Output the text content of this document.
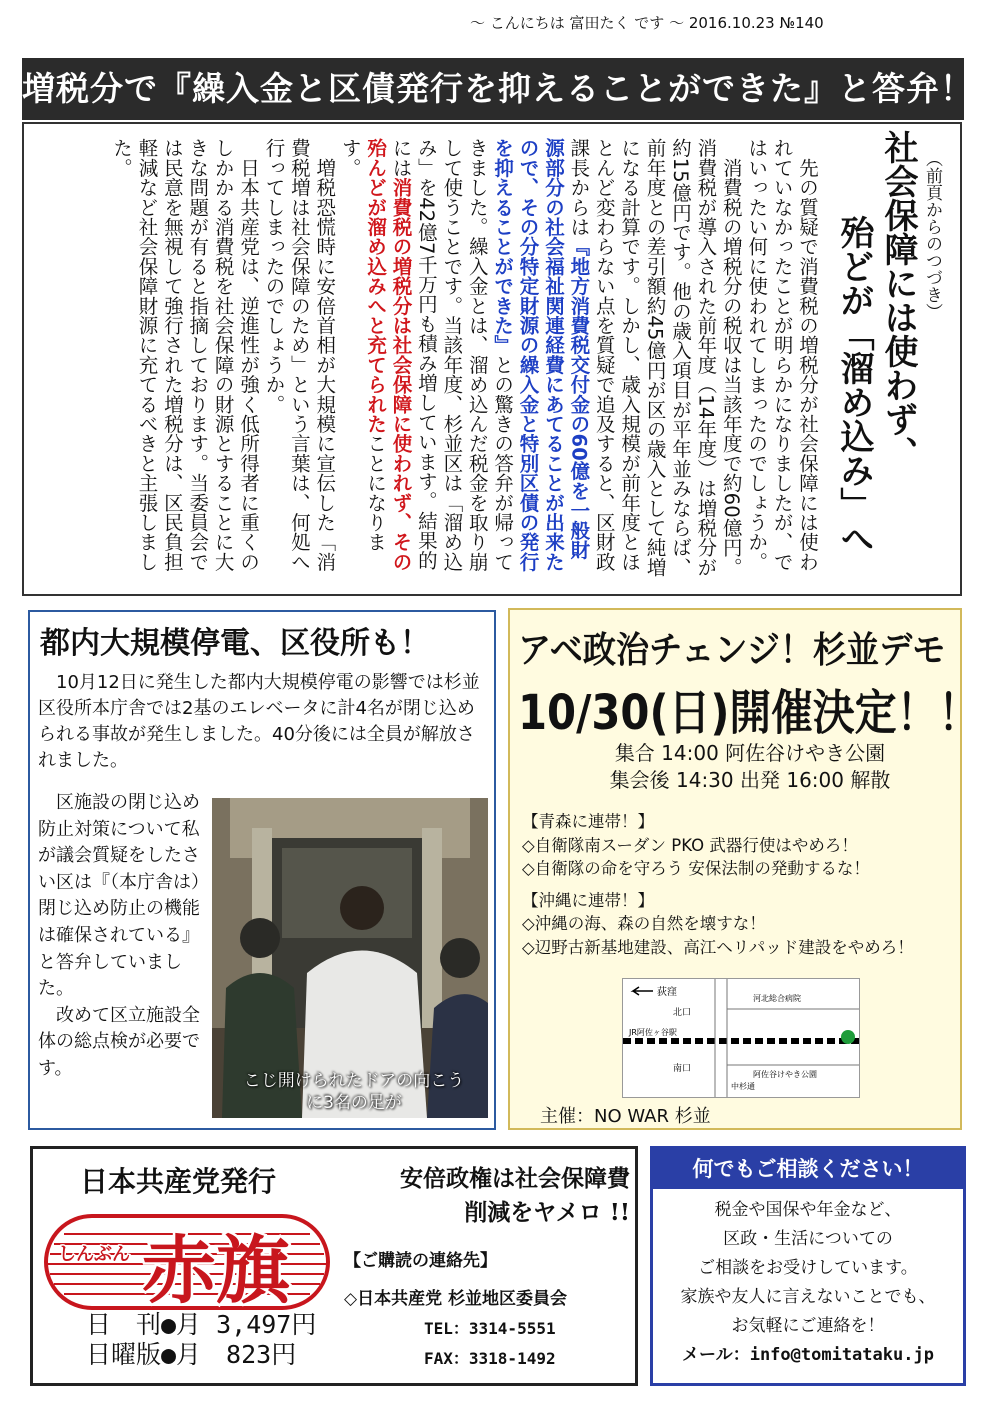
～ こんにちは 富田たく です ～ 2016.10.23 №140
増税分で『繰入金と区債発行を抑えることができた』と答弁！
（前頁からのつづき）
社会保障には使わず、
殆どが「溜め込み」へ

　先の質疑で消費税の増税分が社会保障には使われていなかったことが明らかになりましたが、ではいったい何に使われてしまったのでしょうか。

　消費税の増税分の税収は当該年度で約60億円。消費税が導入された前年度（14年度）は増税分が約15億円です。他の歳入項目が平年並みならば、前年度との差引額約45億円が区の歳入として純増になる計算です。しかし、歳入規模が前年度とほとんど変わらない点を質疑で追及すると、区財政課長からは『地方消費税交付金の60億を一般財源部分の社会福祉関連経費にあてることが出来たので、その分特定財源の繰入金と特別区債の発行を抑えることができた』との驚きの答弁が帰ってきました。繰入金とは、溜め込んだ税金を取り崩して使うことです。当該年度、杉並区は「溜め込み」を42億7千万円も積み増しています。結果的には消費税の増税分は社会保障に使われず、その殆んどが溜め込みへと充てられたことになります。

　増税恐慌時に安倍首相が大規模に宣伝した「消費税増は社会保障のため」という言葉は、何処へ行ってしまったのでしょうか。

　日本共産党は、逆進性が強く低所得者に重くのしかかる消費税を社会保障の財源とすることに大きな問題が有ると指摘しております。当委員会では民意を無視して強行された増税分は、区民負担軽減など社会保障財源に充てるべきと主張しました。

都内大規模停電、区役所も！
　10月12日に発生した都内大規模停電の影響では杉並区役所本庁舎では2基のエレベータに計4名が閉じ込められる事故が発生しました。40分後には全員が解放されました。
　区施設の閉じ込め防止対策について私が議会質疑をしたさい区は『（本庁舎は）閉じ込め防止の機能は確保されている』と答弁していました。
　改めて区立施設全体の総点検が必要です。
こじ開けられたドアの向こうに3名の足が
アベ政治チェンジ！杉並デモ
10/30(日)開催決定！！
集合 14:00 阿佐谷けやき公園
集会後 14:30 出発 16:00 解散
【青森に連帯！】
◇自衛隊南スーダン PKO 武器行使はやめろ！
◇自衛隊の命を守ろう 安保法制の発動するな！
【沖縄に連帯！】
◇沖縄の海、森の自然を壊すな！
◇辺野古新基地建設、高江ヘリパッド建設をやめろ！
荻窪
北口
JR阿佐ヶ谷駅
南口
河北総合病院
阿佐谷けやき公園
中杉通
主催：NO WAR 杉並
日本共産党発行	安倍政権は社会保障費
削減をヤメロ !!
しんぶん 赤旗	【ご購読の連絡先】
◇日本共産党 杉並地区委員会
TEL：3314-5551
FAX：3318-1492
日　刊●月 3,497円
日曜版●月　823円
何でもご相談ください！
税金や国保や年金など、
区政・生活についての
ご相談をお受けしています。
家族や友人に言えないことでも、
お気軽にご連絡を！
メール：info@tomitataku.jp
